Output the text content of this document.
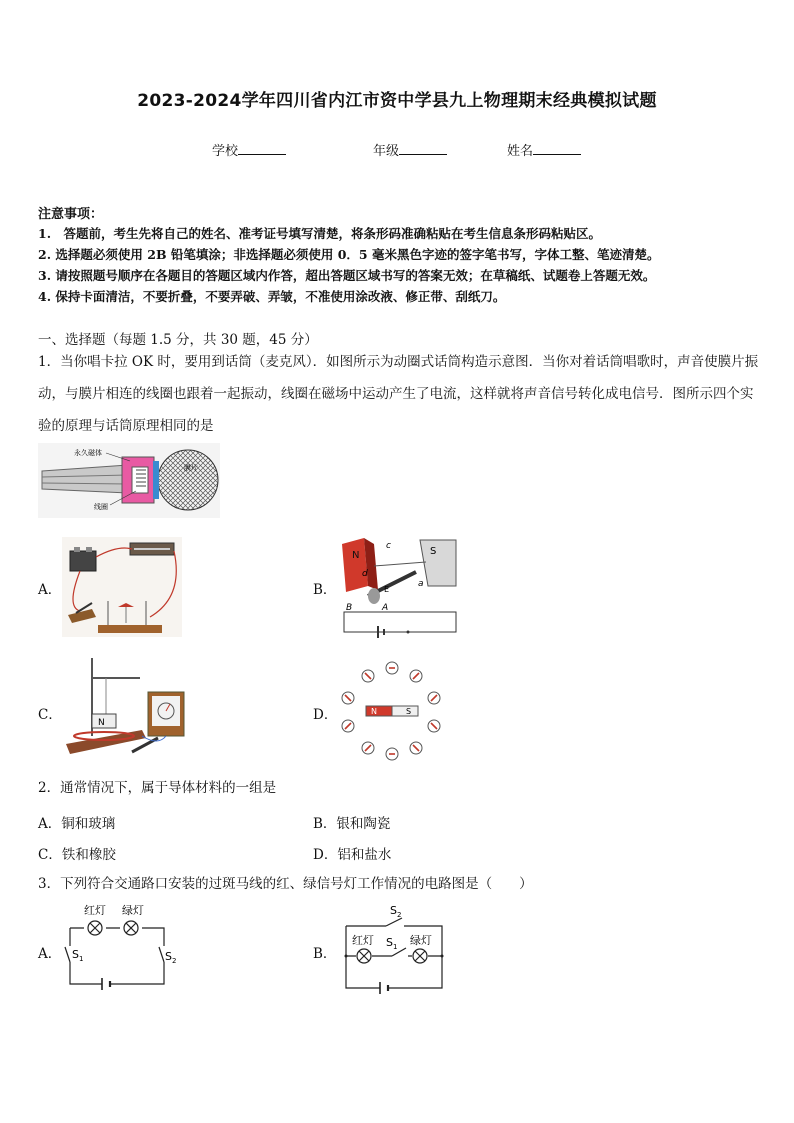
2023-2024学年四川省内江市资中学县九上物理期末经典模拟试题
学校	年级	姓名
注意事项：
1.　答题前，考生先将自己的姓名、准考证号填写清楚，将条形码准确粘贴在考生信息条形码粘贴区。
2. 选择题必须使用 2B 铅笔填涂；非选择题必须使用 0．5 毫米黑色字迹的签字笔书写，字体工整、笔迹清楚。
3. 请按照题号顺序在各题目的答题区域内作答，超出答题区域书写的答案无效；在草稿纸、试题卷上答题无效。
4. 保持卡面清洁，不要折叠，不要弄破、弄皱，不准使用涂改液、修正带、刮纸刀。
一、选择题（每题 1.5 分，共 30 题，45 分）
1．当你唱卡拉 OK 时，要用到话筒（麦克风）．如图所示为动圈式话筒构造示意图．当你对着话筒唱歌时，声音使膜片振动，与膜片相连的线圈也跟着一起振动，线圈在磁场中运动产生了电流，这样就将声音信号转化成电信号．图所示四个实验的原理与话筒原理相同的是
永久磁体
膜片
线圈
A．	B．
N	S
c
d
a
E
B	A
C．	N	D．	N	S
2．通常情况下，属于导体材料的一组是
A．铜和玻璃	B．银和陶瓷
C．铁和橡胶	D．铝和盐水
3．下列符合交通路口安装的过斑马线的红、绿信号灯工作情况的电路图是（　　）
A．
红灯 绿灯
$S_1$	$S_2$	B．
$S_2$
红灯 $S_1$ 绿灯
